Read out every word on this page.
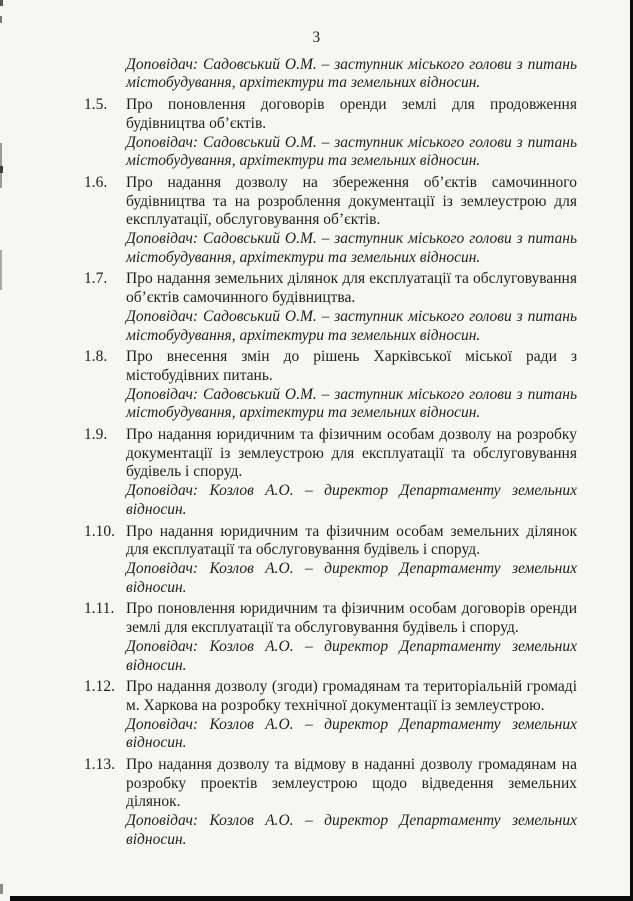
3

Доповідач: Садовський О.М. – заступник міського голови з питань містобудування, архітектури та земельних відносин.

1.5.	Про поновлення договорів оренди землі для продовження будівництва об’єктів.

Доповідач: Садовський О.М. – заступник міського голови з питань містобудування, архітектури та земельних відносин.

1.6.	Про надання дозволу на збереження об’єктів самочинного будівництва та на розроблення документації із землеустрою для експлуатації, обслуговування об’єктів.

Доповідач: Садовський О.М. – заступник міського голови з питань містобудування, архітектури та земельних відносин.

1.7.	Про надання земельних ділянок для експлуатації та обслуговування об’єктів самочинного будівництва.

Доповідач: Садовський О.М. – заступник міського голови з питань містобудування, архітектури та земельних відносин.

1.8.	Про внесення змін до рішень Харківської міської ради з містобудівних питань.

Доповідач: Садовський О.М. – заступник міського голови з питань містобудування, архітектури та земельних відносин.

1.9.	Про надання юридичним та фізичним особам дозволу на розробку документації із землеустрою для експлуатації та обслуговування будівель і споруд.

Доповідач: Козлов А.О. – директор Департаменту земельних відносин.

1.10. Про надання юридичним та фізичним особам земельних ділянок для експлуатації та обслуговування будівель і споруд.

Доповідач: Козлов А.О. – директор Департаменту земельних відносин.

1.11. Про поновлення юридичним та фізичним особам договорів оренди землі для експлуатації та обслуговування будівель і споруд.

Доповідач: Козлов А.О. – директор Департаменту земельних відносин.

1.12. Про надання дозволу (згоди) громадянам та територіальній громаді м. Харкова на розробку технічної документації із землеустрою.

Доповідач: Козлов А.О. – директор Департаменту земельних відносин.

1.13. Про надання дозволу та відмову в наданні дозволу громадянам на розробку проектів землеустрою щодо відведення земельних ділянок.

Доповідач: Козлов А.О. – директор Департаменту земельних відносин.
